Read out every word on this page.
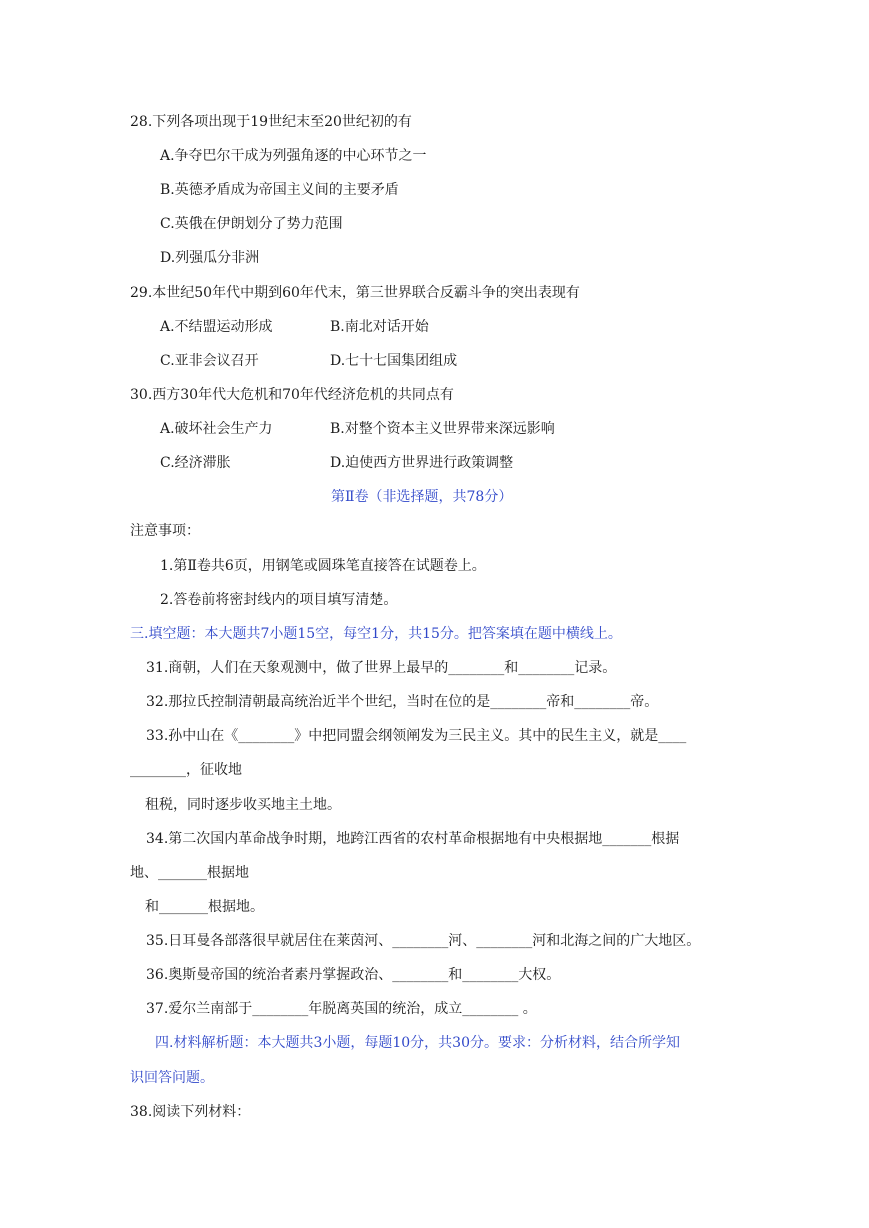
28.下列各项出现于19世纪末至20世纪初的有
A.争夺巴尔干成为列强角逐的中心环节之一
B.英德矛盾成为帝国主义间的主要矛盾
C.英俄在伊朗划分了势力范围
D.列强瓜分非洲
29.本世纪50年代中期到60年代末，第三世界联合反霸斗争的突出表现有
A.不结盟运动形成	B.南北对话开始
C.亚非会议召开	D.七十七国集团组成
30.西方30年代大危机和70年代经济危机的共同点有
A.破坏社会生产力	B.对整个资本主义世界带来深远影响
C.经济滞胀	D.迫使西方世界进行政策调整
第Ⅱ卷（非选择题，共78分）
注意事项：
1.第Ⅱ卷共6页，用钢笔或圆珠笔直接答在试题卷上。
2.答卷前将密封线内的项目填写清楚。
三.填空题：本大题共7小题15空，每空1分，共15分。把答案填在题中横线上。
31.商朝，人们在天象观测中，做了世界上最早的________和________记录。
32.那拉氏控制清朝最高统治近半个世纪，当时在位的是________帝和________帝。
33.孙中山在《________》中把同盟会纲领阐发为三民主义。其中的民生主义，就是____
________，征收地
租税，同时逐步收买地主土地。
34.第二次国内革命战争时期，地跨江西省的农村革命根据地有中央根据地_______根据
地、_______根据地
和_______根据地。
35.日耳曼各部落很早就居住在莱茵河、________河、________河和北海之间的广大地区。
36.奥斯曼帝国的统治者素丹掌握政治、________和________大权。
37.爱尔兰南部于________年脱离英国的统治，成立________ 。
四.材料解析题：本大题共3小题，每题10分，共30分。要求：分析材料，结合所学知
识回答问题。
38.阅读下列材料：
